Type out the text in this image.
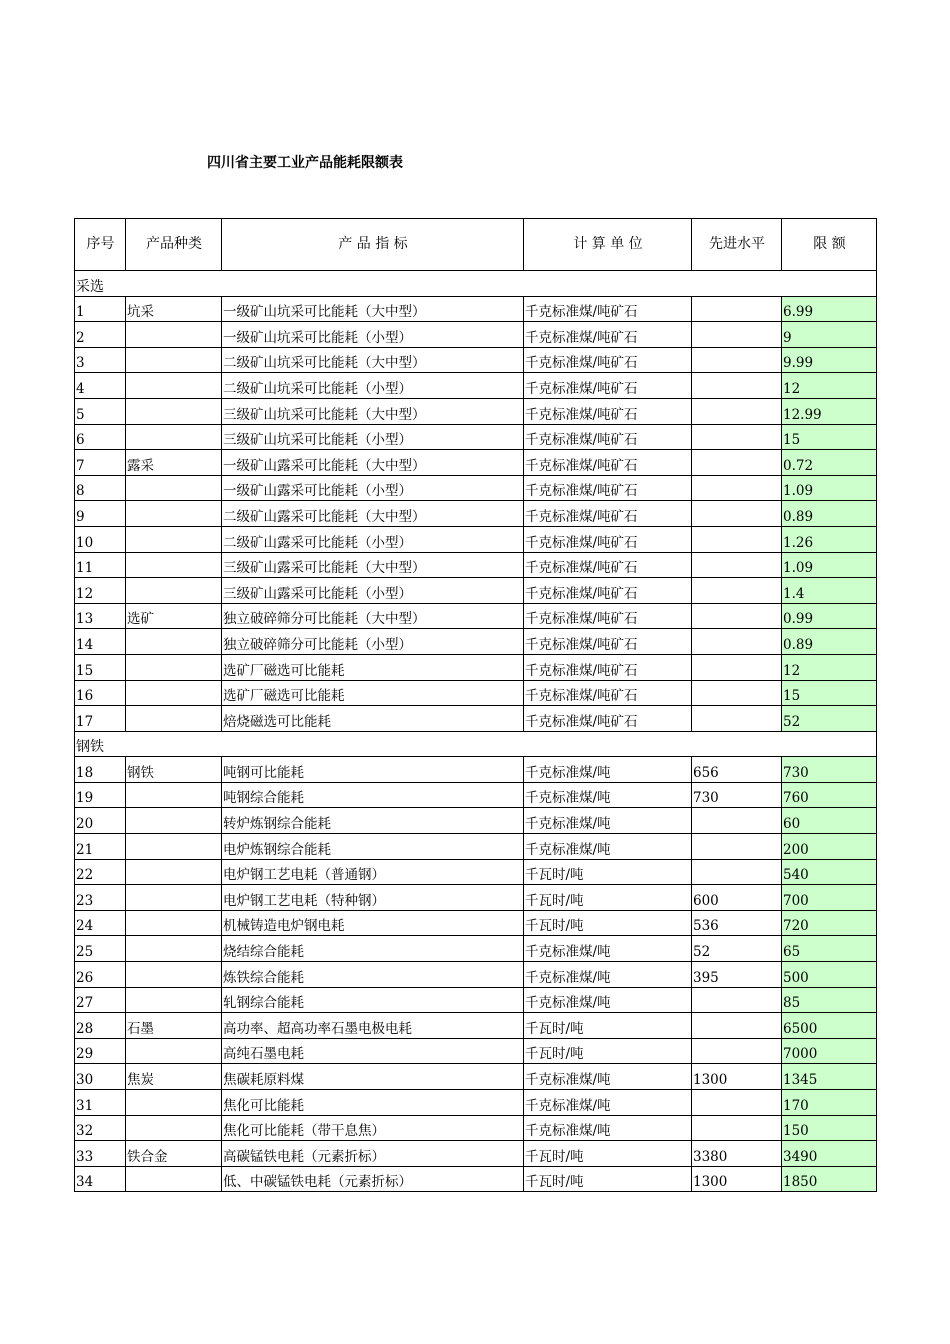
四川省主要工业产品能耗限额表
序号	产品种类	产 品 指 标	计 算 单 位	先进水平	限 额
采选					
1	坑采	一级矿山坑采可比能耗（大中型）	千克标准煤/吨矿石		6.99
2		一级矿山坑采可比能耗（小型）	千克标准煤/吨矿石		9
3		二级矿山坑采可比能耗（大中型）	千克标准煤/吨矿石		9.99
4		二级矿山坑采可比能耗（小型）	千克标准煤/吨矿石		12
5		三级矿山坑采可比能耗（大中型）	千克标准煤/吨矿石		12.99
6		三级矿山坑采可比能耗（小型）	千克标准煤/吨矿石		15
7	露采	一级矿山露采可比能耗（大中型）	千克标准煤/吨矿石		0.72
8		一级矿山露采可比能耗（小型）	千克标准煤/吨矿石		1.09
9		二级矿山露采可比能耗（大中型）	千克标准煤/吨矿石		0.89
10		二级矿山露采可比能耗（小型）	千克标准煤/吨矿石		1.26
11		三级矿山露采可比能耗（大中型）	千克标准煤/吨矿石		1.09
12		三级矿山露采可比能耗（小型）	千克标准煤/吨矿石		1.4
13	选矿	独立破碎筛分可比能耗（大中型）	千克标准煤/吨矿石		0.99
14		独立破碎筛分可比能耗（小型）	千克标准煤/吨矿石		0.89
15		选矿厂磁选可比能耗	千克标准煤/吨矿石		12
16		选矿厂磁选可比能耗	千克标准煤/吨矿石		15
17		焙烧磁选可比能耗	千克标准煤/吨矿石		52
钢铁					
18	钢铁	吨钢可比能耗	千克标准煤/吨	656	730
19		吨钢综合能耗	千克标准煤/吨	730	760
20		转炉炼钢综合能耗	千克标准煤/吨		60
21		电炉炼钢综合能耗	千克标准煤/吨		200
22		电炉钢工艺电耗（普通钢）	千瓦时/吨		540
23		电炉钢工艺电耗（特种钢）	千瓦时/吨	600	700
24		机械铸造电炉钢电耗	千瓦时/吨	536	720
25		烧结综合能耗	千克标准煤/吨	52	65
26		炼铁综合能耗	千克标准煤/吨	395	500
27		轧钢综合能耗	千克标准煤/吨		85
28	石墨	高功率、超高功率石墨电极电耗	千瓦时/吨		6500
29		高纯石墨电耗	千瓦时/吨		7000
30	焦炭	焦碳耗原料煤	千克标准煤/吨	1300	1345
31		焦化可比能耗	千克标准煤/吨		170
32		焦化可比能耗（带干息焦）	千克标准煤/吨		150
33	铁合金	高碳锰铁电耗（元素折标）	千瓦时/吨	3380	3490
34		低、中碳锰铁电耗（元素折标）	千瓦时/吨	1300	1850
